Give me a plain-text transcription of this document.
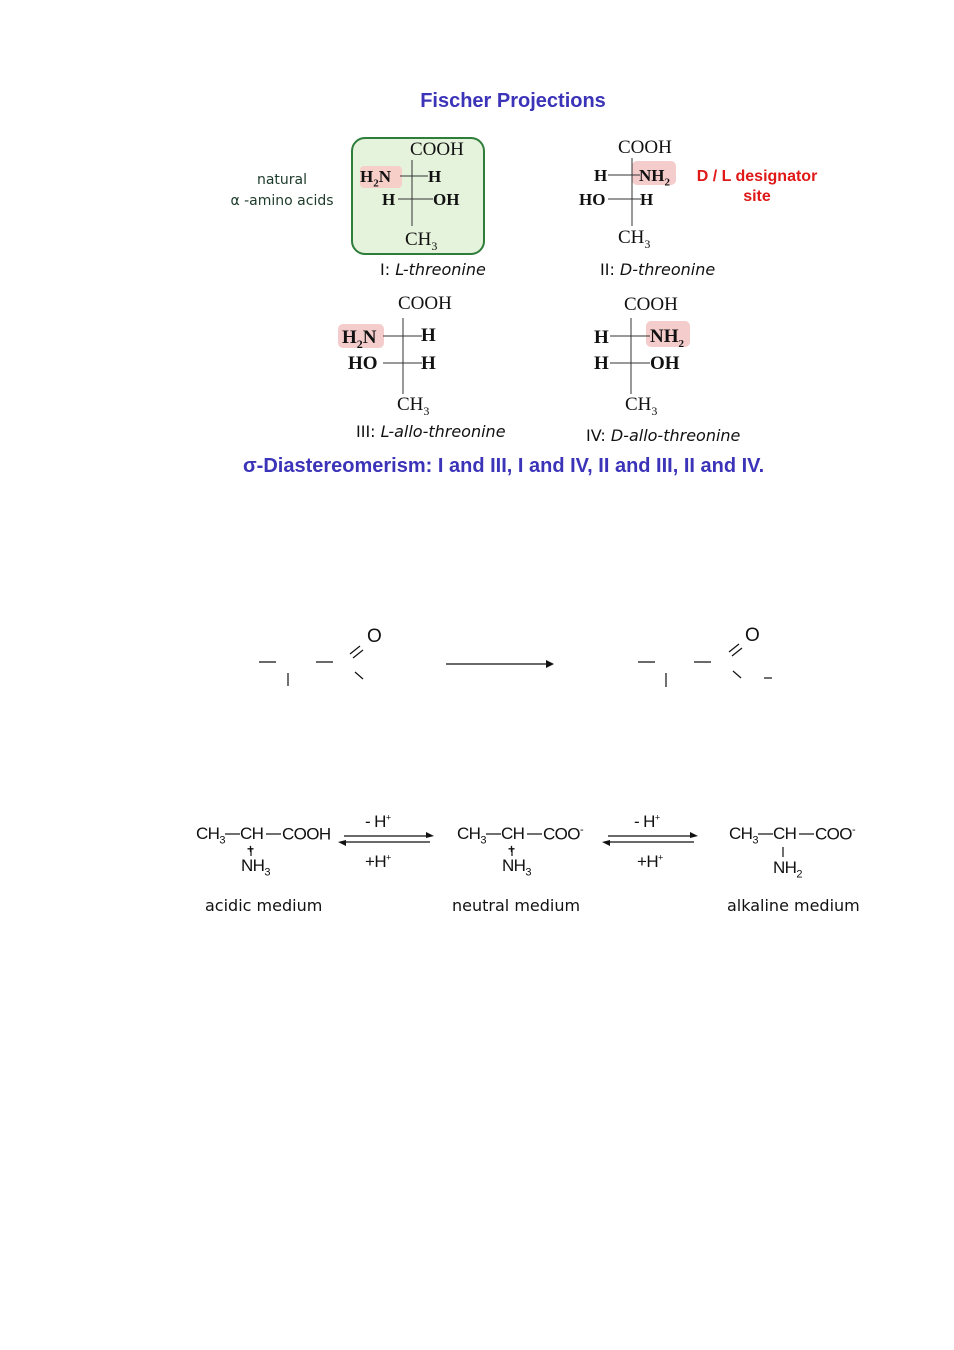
Fischer Projections
natural
α -amino acids
COOH
$H_2N$ H
H OH
$CH_3$
I: L-threonine
COOH
H $NH_2$
HO H
$CH_3$
II: D-threonine
D / L designator
site
COOH
$H_2N$ H
HO H
$CH_3$
III: L-allo-threonine
COOH
H $NH_2$
H OH
$CH_3$
IV: D-allo-threonine
σ-Diastereomerism: I and III, I and IV, II and III, II and IV.
O	O
$CH_3$ CH COOH
+
$NH_3$
acidic medium
$CH_3$ CH COO-
+
$NH_3$
neutral medium
$CH_3$ CH COO-
$NH_2$
alkaline medium
- H+
+H+
- H+
+H+
